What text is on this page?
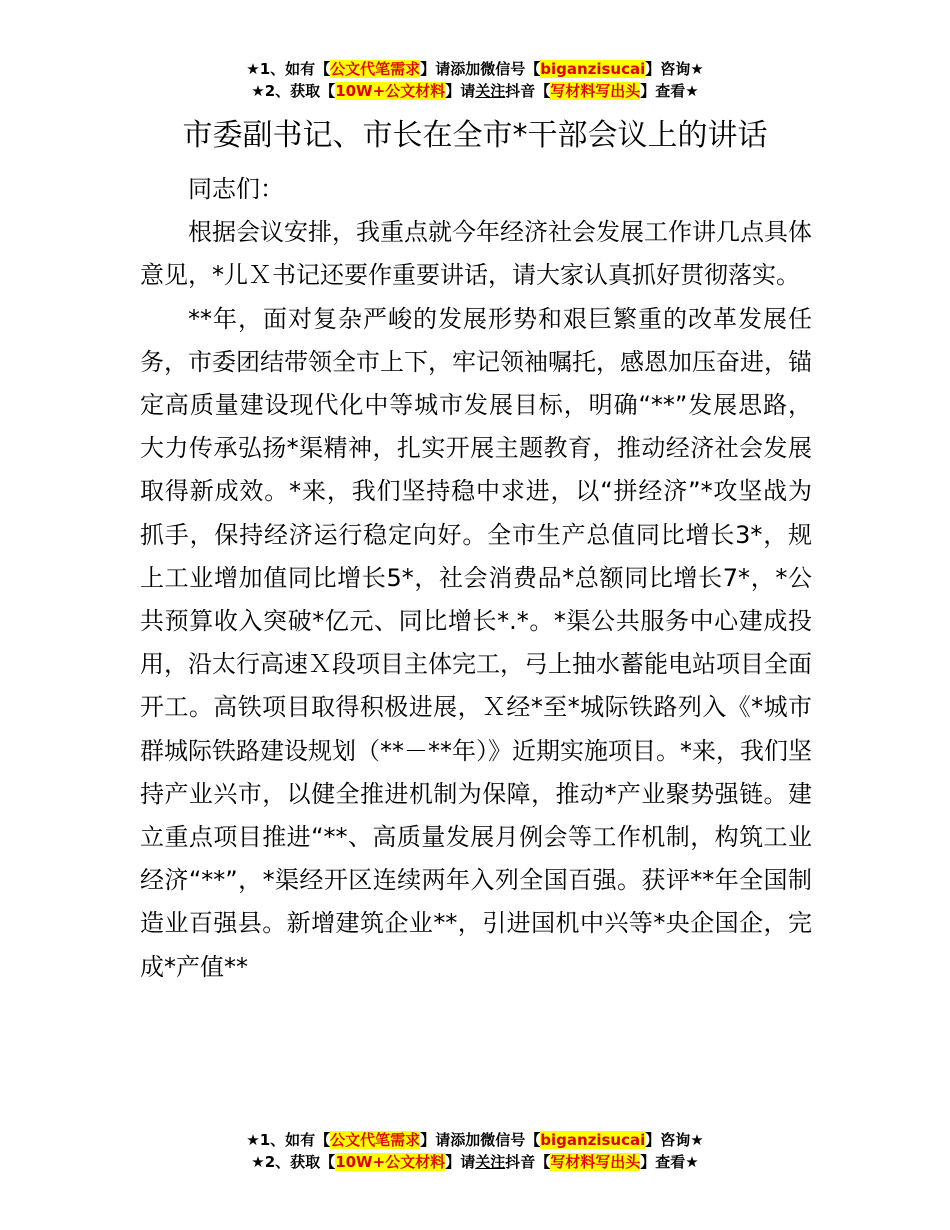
★1、如有【公文代笔需求】请添加微信号【biganzisucai】咨询★
★2、获取【10W+公文材料】请关注抖音【写材料写出头】查看★
市委副书记、市长在全市*干部会议上的讲话

同志们：

根据会议安排，我重点就今年经济社会发展工作讲几点具体意见，*儿Ｘ书记还要作重要讲话，请大家认真抓好贯彻落实。

**年，面对复杂严峻的发展形势和艰巨繁重的改革发展任务，市委团结带领全市上下，牢记领袖嘱托，感恩加压奋进，锚定高质量建设现代化中等城市发展目标，明确“**”发展思路，大力传承弘扬*渠精神，扎实开展主题教育，推动经济社会发展取得新成效。*来，我们坚持稳中求进，以“拼经济”*攻坚战为抓手，保持经济运行稳定向好。全市生产总值同比增长3*，规上工业增加值同比增长5*，社会消费品*总额同比增长7*，*公共预算收入突破*亿元、同比增长*.*。*渠公共服务中心建成投用，沿太行高速Ｘ段项目主体完工，弓上抽水蓄能电站项目全面开工。高铁项目取得积极进展，Ｘ经*至*城际铁路列入《*城市群城际铁路建设规划（**－**年）》近期实施项目。*来，我们坚持产业兴市，以健全推进机制为保障，推动*产业聚势强链。建立重点项目推进“**、高质量发展月例会等工作机制，构筑工业经济“**”，*渠经开区连续两年入列全国百强。获评**年全国制造业百强县。新增建筑企业**，引进国机中兴等*央企国企，完成*产值**

★1、如有【公文代笔需求】请添加微信号【biganzisucai】咨询★
★2、获取【10W+公文材料】请关注抖音【写材料写出头】查看★
